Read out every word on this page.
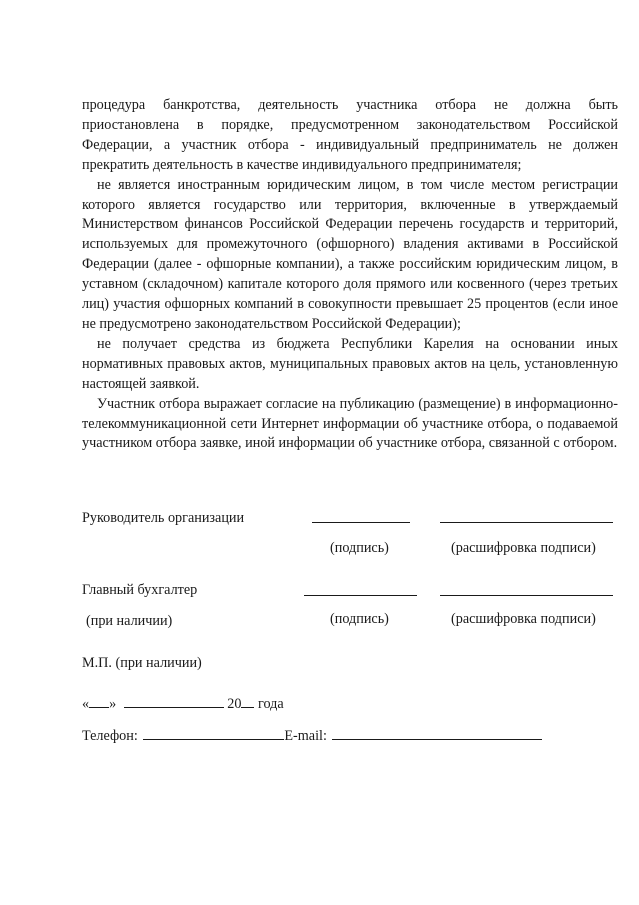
процедура банкротства, деятельность участника отбора не должна быть приостановлена в порядке, предусмотренном законодательством Российской Федерации, а участник отбора - индивидуальный предприниматель не должен прекратить деятельность в качестве индивидуального предпринимателя;

не является иностранным юридическим лицом, в том числе местом регистрации которого является государство или территория, включенные в утверждаемый Министерством финансов Российской Федерации перечень государств и территорий, используемых для промежуточного (офшорного) владения активами в Российской Федерации (далее - офшорные компании), а также российским юридическим лицом, в уставном (складочном) капитале которого доля прямого или косвенного (через третьих лиц) участия офшорных компаний в совокупности превышает 25 процентов (если иное не предусмотрено законодательством Российской Федерации);

не получает средства из бюджета Республики Карелия на основании иных нормативных правовых актов, муниципальных правовых актов на цель, установленную настоящей заявкой.

Участник отбора выражает согласие на публикацию (размещение) в информационно-телекоммуникационной сети Интернет информации об участнике отбора, о подаваемой участником отбора заявке, иной информации об участнике отбора, связанной с отбором.

Руководитель организации
(подпись)	(расшифровка подписи)
Главный бухгалтер
(при наличии)	(подпись)	(расшифровка подписи)
М.П. (при наличии)
« »	20 года
Телефон:	E-mail:
